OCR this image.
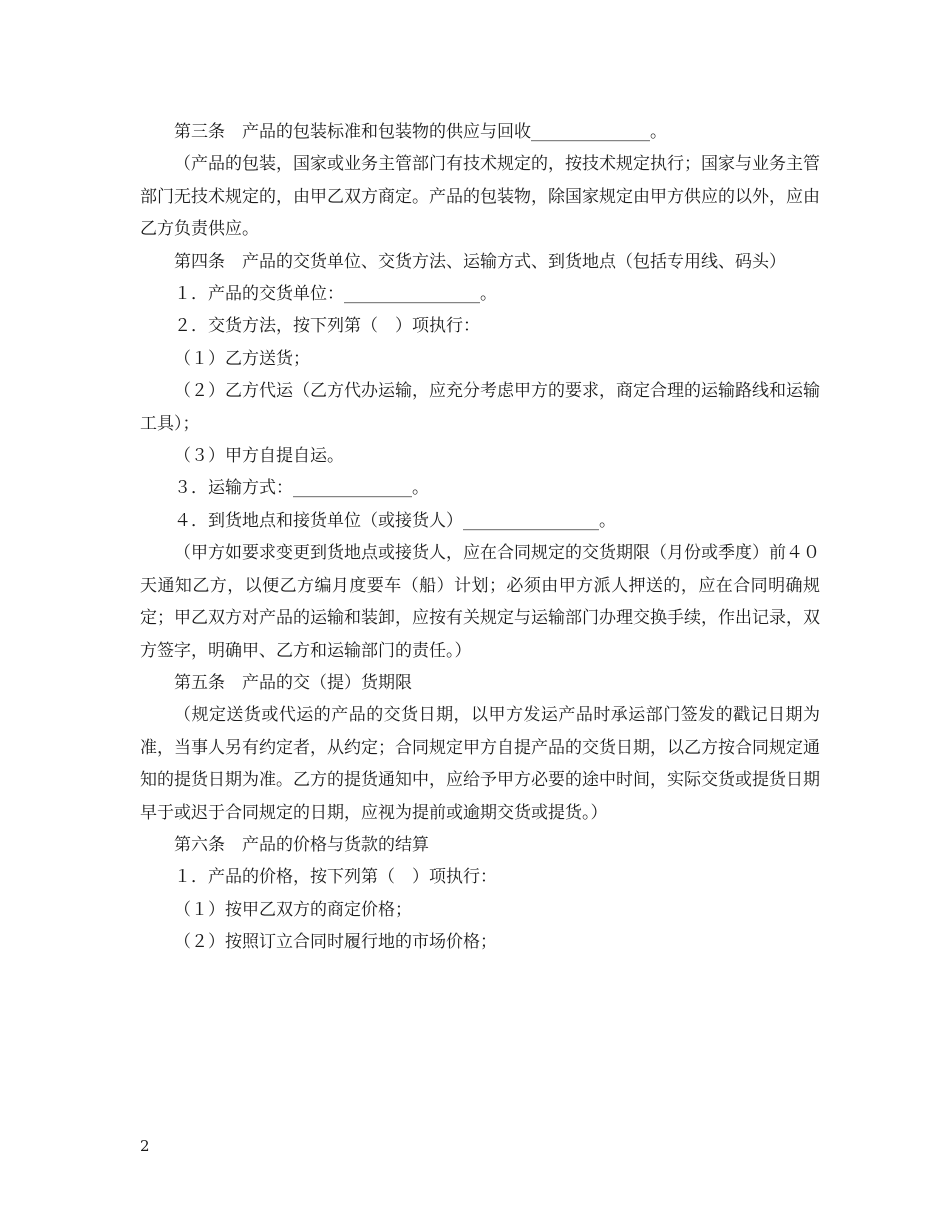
第三条　产品的包装标准和包装物的供应与回收______________。

（产品的包装，国家或业务主管部门有技术规定的，按技术规定执行；国家与业务主管部门无技术规定的，由甲乙双方商定。产品的包装物，除国家规定由甲方供应的以外，应由乙方负责供应。

第四条　产品的交货单位、交货方法、运输方式、到货地点（包括专用线、码头）

１．产品的交货单位：________________。

２．交货方法，按下列第（　）项执行：

（１）乙方送货；

（２）乙方代运（乙方代办运输，应充分考虑甲方的要求，商定合理的运输路线和运输工具）；

（３）甲方自提自运。

３．运输方式：______________。

４．到货地点和接货单位（或接货人）________________。

（甲方如要求变更到货地点或接货人，应在合同规定的交货期限（月份或季度）前４０天通知乙方，以便乙方编月度要车（船）计划；必须由甲方派人押送的，应在合同明确规定；甲乙双方对产品的运输和装卸，应按有关规定与运输部门办理交换手续，作出记录，双方签字，明确甲、乙方和运输部门的责任。）

第五条　产品的交（提）货期限

（规定送货或代运的产品的交货日期，以甲方发运产品时承运部门签发的戳记日期为准，当事人另有约定者，从约定；合同规定甲方自提产品的交货日期，以乙方按合同规定通知的提货日期为准。乙方的提货通知中，应给予甲方必要的途中时间，实际交货或提货日期早于或迟于合同规定的日期，应视为提前或逾期交货或提货。）

第六条　产品的价格与货款的结算

１．产品的价格，按下列第（　）项执行：

（１）按甲乙双方的商定价格；

（２）按照订立合同时履行地的市场价格；

2
